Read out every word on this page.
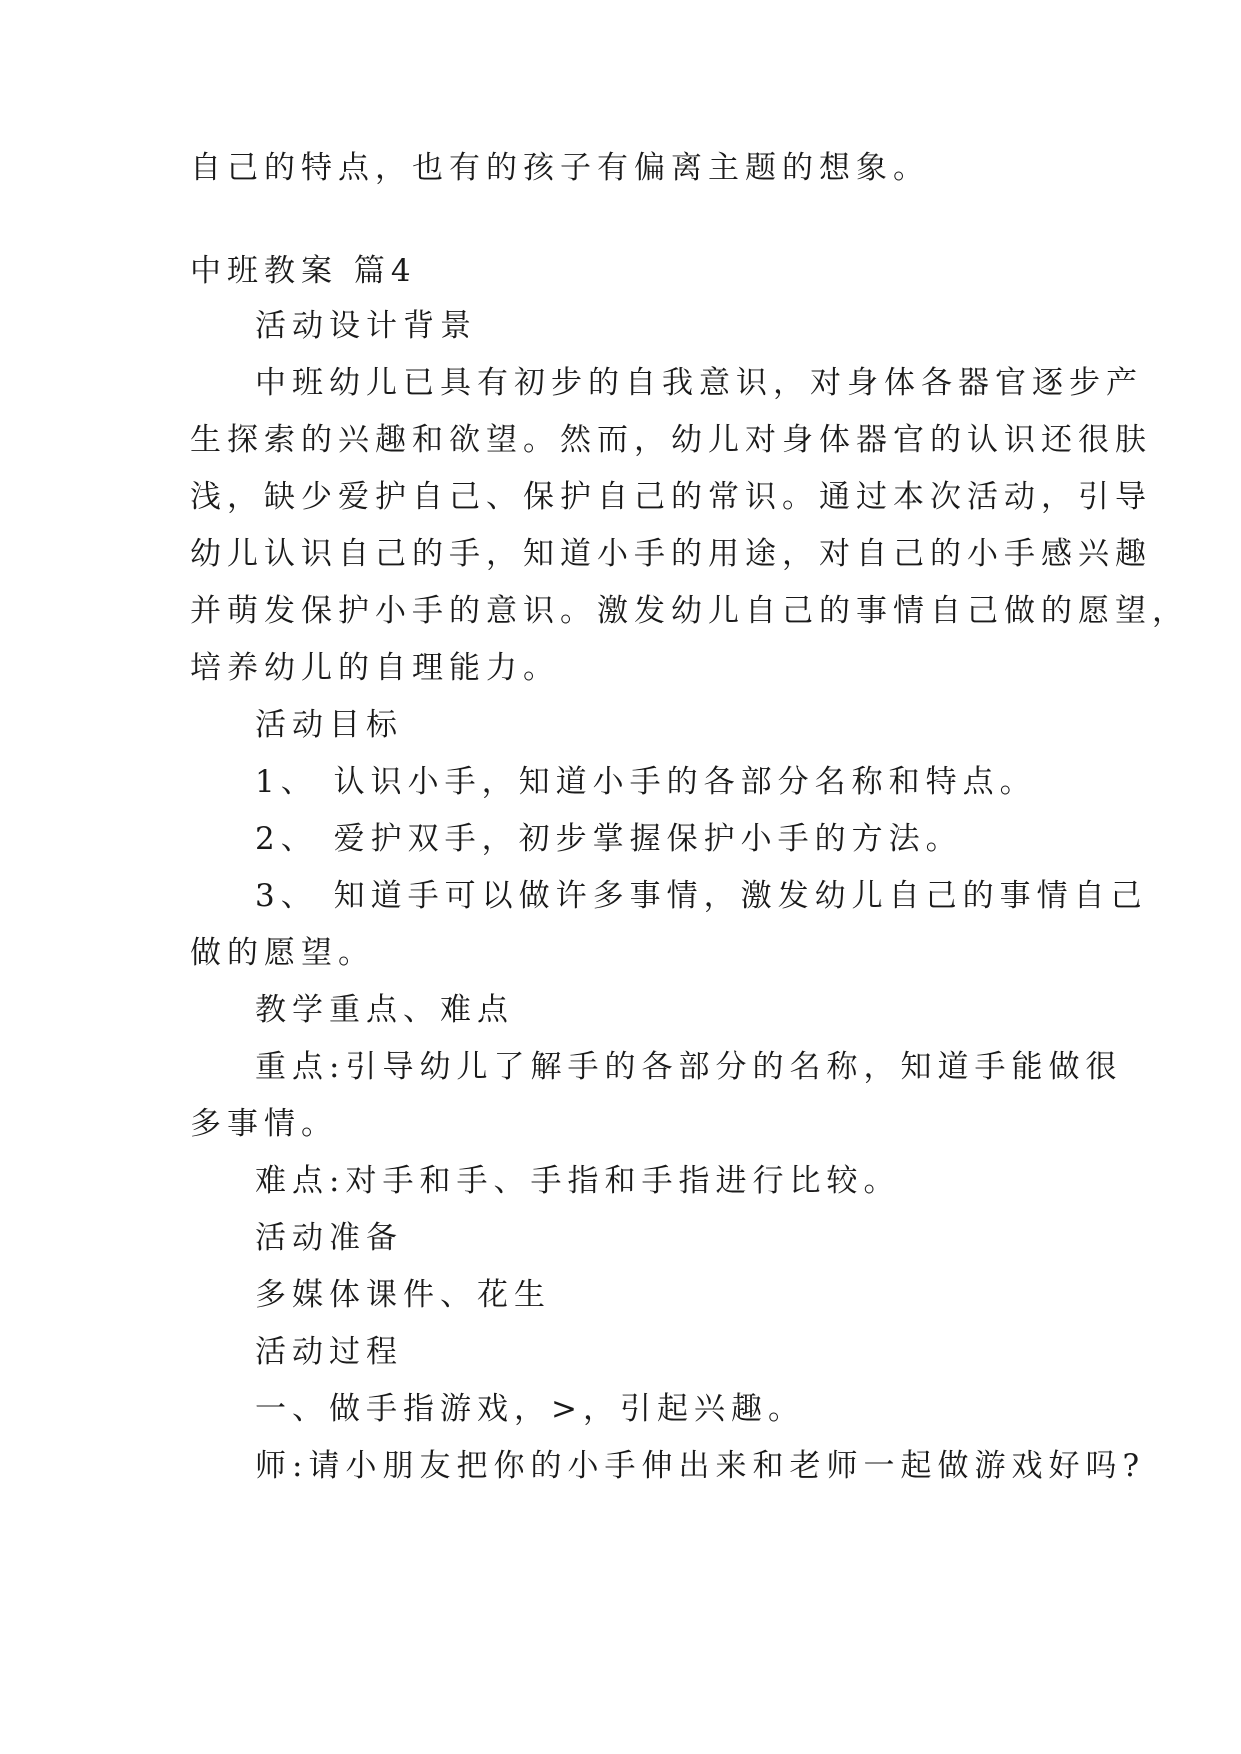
自己的特点，也有的孩子有偏离主题的想象。
中班教案 篇4
活动设计背景
中班幼儿已具有初步的自我意识，对身体各器官逐步产
生探索的兴趣和欲望。然而，幼儿对身体器官的认识还很肤
浅，缺少爱护自己、保护自己的常识。通过本次活动，引导
幼儿认识自己的手，知道小手的用途，对自己的小手感兴趣
并萌发保护小手的意识。激发幼儿自己的事情自己做的愿望，
培养幼儿的自理能力。
活动目标
1、 认识小手，知道小手的各部分名称和特点。
2、 爱护双手，初步掌握保护小手的方法。
3、 知道手可以做许多事情，激发幼儿自己的事情自己
做的愿望。
教学重点、难点
重点:引导幼儿了解手的各部分的名称，知道手能做很
多事情。
难点:对手和手、手指和手指进行比较。
活动准备
多媒体课件、花生
活动过程
一、做手指游戏，>，引起兴趣。
师:请小朋友把你的小手伸出来和老师一起做游戏好吗?
